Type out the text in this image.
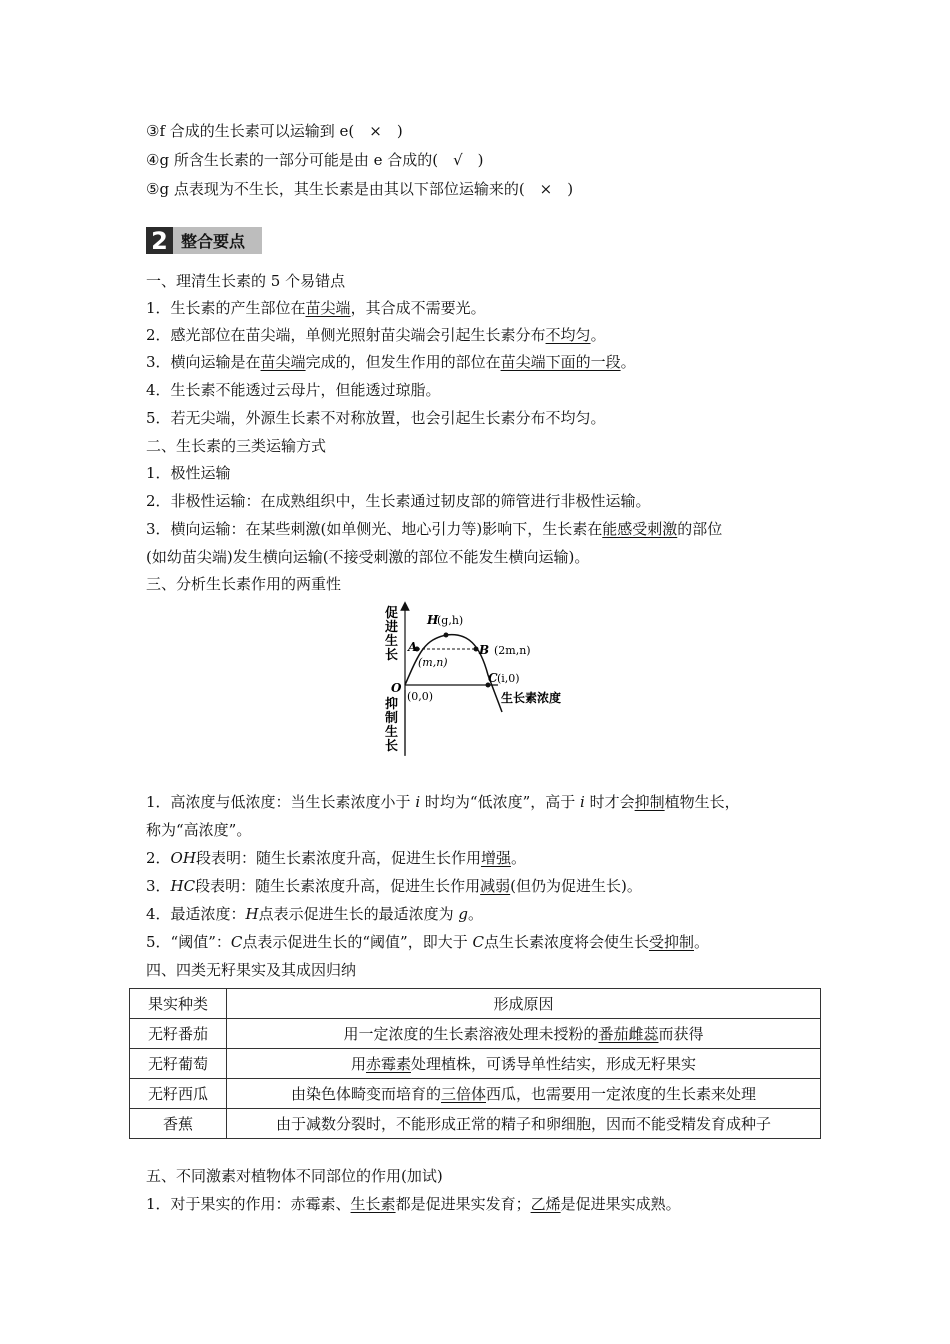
③f 合成的生长素可以运输到 e(　×　)
④g 所含生长素的一部分可能是由 e 合成的(　√　)
⑤g 点表现为不生长，其生长素是由其以下部位运输来的(　×　)
2 整合要点
一、理清生长素的 5 个易错点
1．生长素的产生部位在苗尖端，其合成不需要光。
2．感光部位在苗尖端，单侧光照射苗尖端会引起生长素分布不均匀。
3．横向运输是在苗尖端完成的，但发生作用的部位在苗尖端下面的一段。
4．生长素不能透过云母片，但能透过琼脂。
5．若无尖端，外源生长素不对称放置，也会引起生长素分布不均匀。
二、生长素的三类运输方式
1．极性运输
2．非极性运输：在成熟组织中，生长素通过韧皮部的筛管进行非极性运输。
3．横向运输：在某些刺激(如单侧光、地心引力等)影响下，生长素在能感受刺激的部位
(如幼苗尖端)发生横向运输(不接受刺激的部位不能发生横向运输)。
三、分析生长素作用的两重性
促进生长
抑制生长
O
(0,0)
H
(g,h)
A
(m,n)
B (2m,n)
C (i,0)
生长素浓度
1．高浓度与低浓度：当生长素浓度小于 i 时均为“低浓度”，高于 i 时才会抑制植物生长，
称为“高浓度”。
2．OH段表明：随生长素浓度升高，促进生长作用增强。
3．HC段表明：随生长素浓度升高，促进生长作用减弱(但仍为促进生长)。
4．最适浓度：H点表示促进生长的最适浓度为 g。
5．“阈值”：C点表示促进生长的“阈值”，即大于 C点生长素浓度将会使生长受抑制。
四、四类无籽果实及其成因归纳
果实种类	形成原因
无籽番茄	用一定浓度的生长素溶液处理未授粉的番茄雌蕊而获得
无籽葡萄	用赤霉素处理植株，可诱导单性结实，形成无籽果实
无籽西瓜	由染色体畸变而培育的三倍体西瓜，也需要用一定浓度的生长素来处理
香蕉	由于减数分裂时，不能形成正常的精子和卵细胞，因而不能受精发育成种子
五、不同激素对植物体不同部位的作用(加试)
1．对于果实的作用：赤霉素、生长素都是促进果实发育；乙烯是促进果实成熟。
